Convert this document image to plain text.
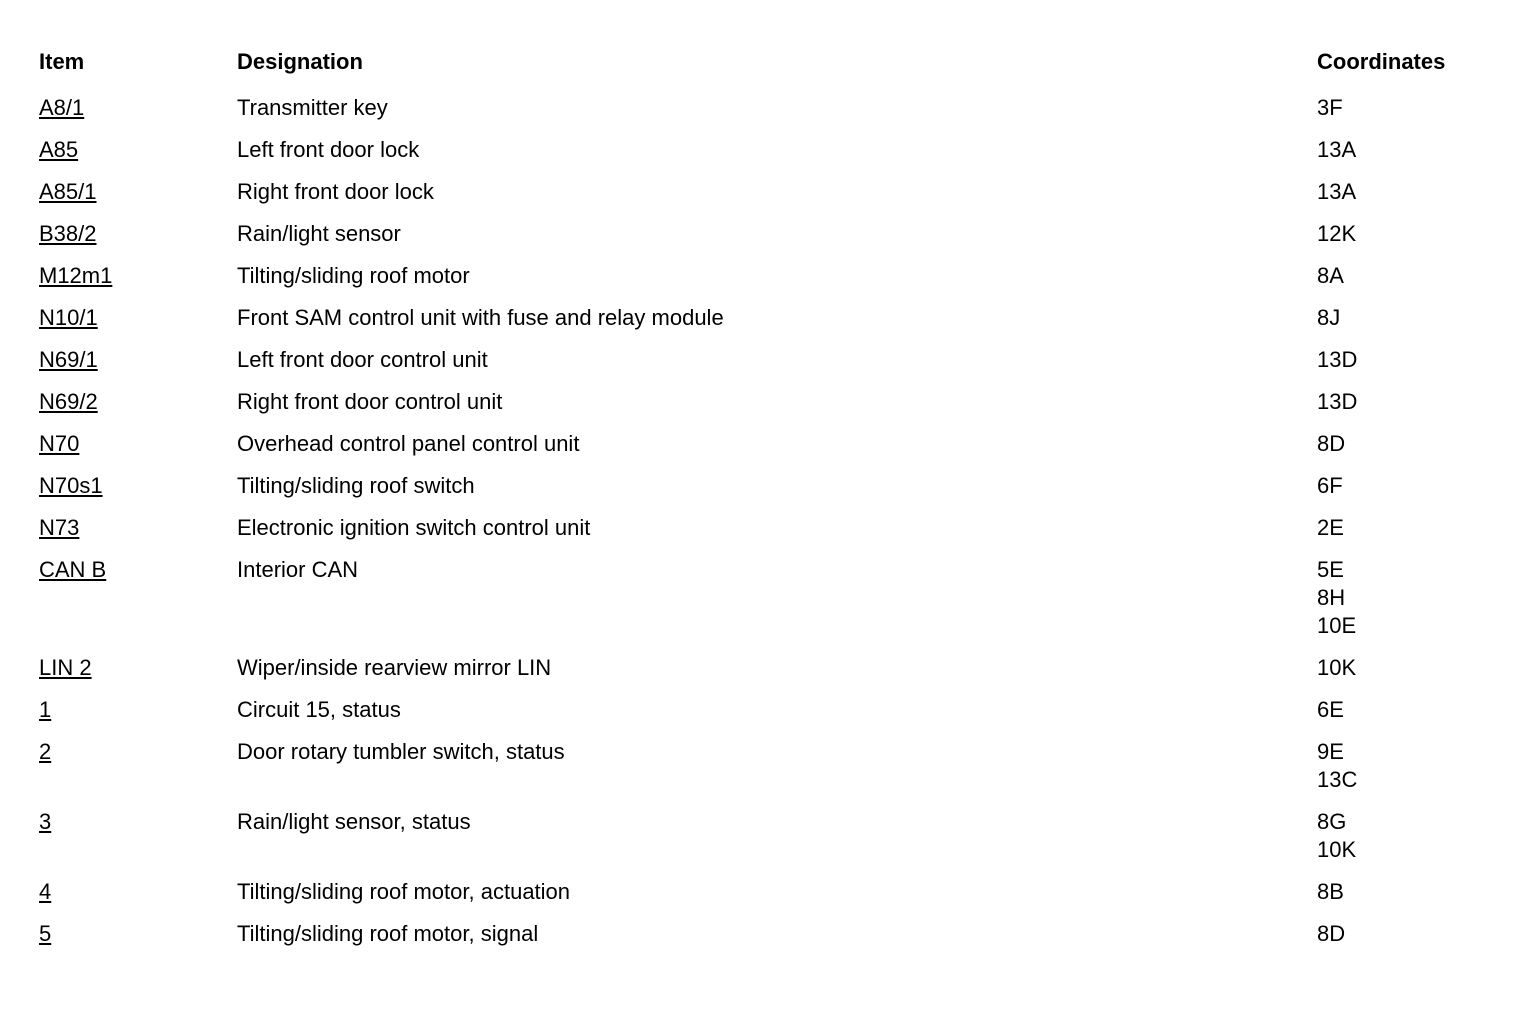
Item	Designation	Coordinates
A8/1	Transmitter key	3F
A85	Left front door lock	13A
A85/1	Right front door lock	13A
B38/2	Rain/light sensor	12K
M12m1	Tilting/sliding roof motor	8A
N10/1	Front SAM control unit with fuse and relay module	8J
N69/1	Left front door control unit	13D
N69/2	Right front door control unit	13D
N70	Overhead control panel control unit	8D
N70s1	Tilting/sliding roof switch	6F
N73	Electronic ignition switch control unit	2E
CAN B	Interior CAN	5E
8H
10E
LIN 2	Wiper/inside rearview mirror LIN	10K
1	Circuit 15, status	6E
2	Door rotary tumbler switch, status	9E
13C
3	Rain/light sensor, status	8G
10K
4	Tilting/sliding roof motor, actuation	8B
5	Tilting/sliding roof motor, signal	8D
